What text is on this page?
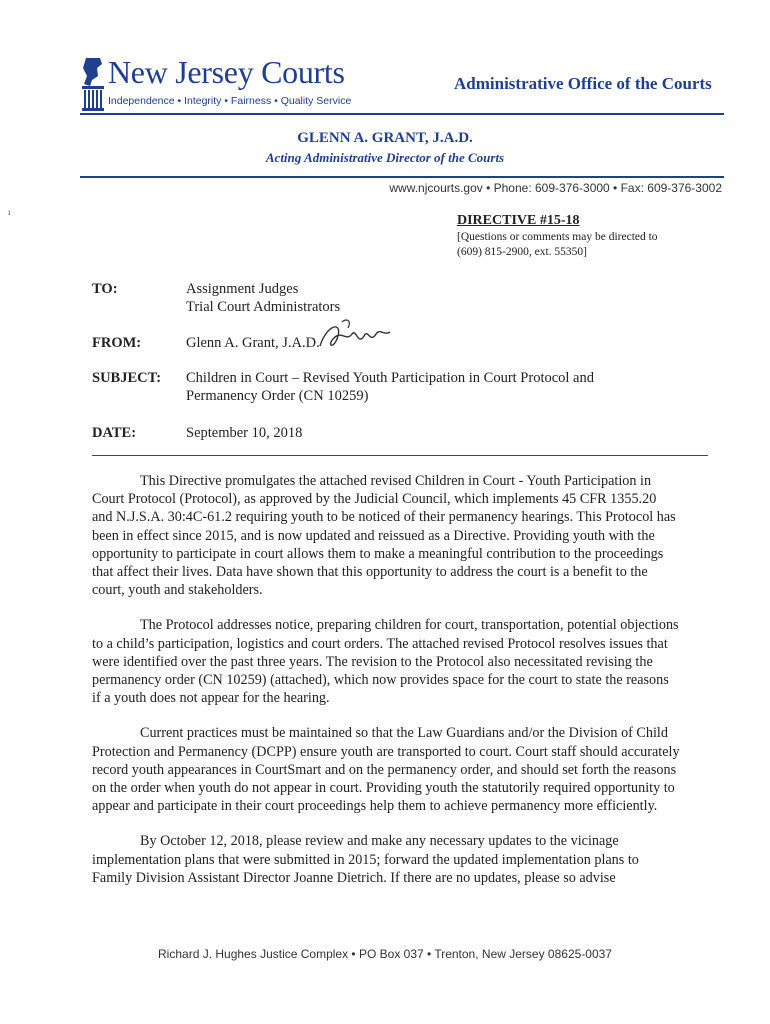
New Jersey Courts
Independence • Integrity • Fairness • Quality Service
Administrative Office of the Courts
GLENN A. GRANT, J.A.D.
Acting Administrative Director of the Courts
www.njcourts.gov • Phone: 609-376-3000 • Fax: 609-376-3002
ı
DIRECTIVE #15-18
[Questions or comments may be directed to
(609) 815-2900, ext. 55350]
TO:	Assignment Judges
Trial Court Administrators
FROM:	Glenn A. Grant, J.A.D.
SUBJECT: Children in Court – Revised Youth Participation in Court Protocol and
Permanency Order (CN 10259)
DATE:	September 10, 2018

This Directive promulgates the attached revised Children in Court - Youth Participation in Court Protocol (Protocol), as approved by the Judicial Council, which implements 45 CFR 1355.20 and N.J.S.A. 30:4C-61.2 requiring youth to be noticed of their permanency hearings. This Protocol has been in effect since 2015, and is now updated and reissued as a Directive. Providing youth with the opportunity to participate in court allows them to make a meaningful contribution to the proceedings that affect their lives. Data have shown that this opportunity to address the court is a benefit to the court, youth and stakeholders.

The Protocol addresses notice, preparing children for court, transportation, potential objections to a child’s participation, logistics and court orders. The attached revised Protocol resolves issues that were identified over the past three years. The revision to the Protocol also necessitated revising the permanency order (CN 10259) (attached), which now provides space for the court to state the reasons if a youth does not appear for the hearing.

Current practices must be maintained so that the Law Guardians and/or the Division of Child Protection and Permanency (DCPP) ensure youth are transported to court. Court staff should accurately record youth appearances in CourtSmart and on the permanency order, and should set forth the reasons on the order when youth do not appear in court. Providing youth the statutorily required opportunity to appear and participate in their court proceedings help them to achieve permanency more efficiently.

By October 12, 2018, please review and make any necessary updates to the vicinage implementation plans that were submitted in 2015; forward the updated implementation plans to Family Division Assistant Director Joanne Dietrich. If there are no updates, please so advise

Richard J. Hughes Justice Complex • PO Box 037 • Trenton, New Jersey 08625-0037
